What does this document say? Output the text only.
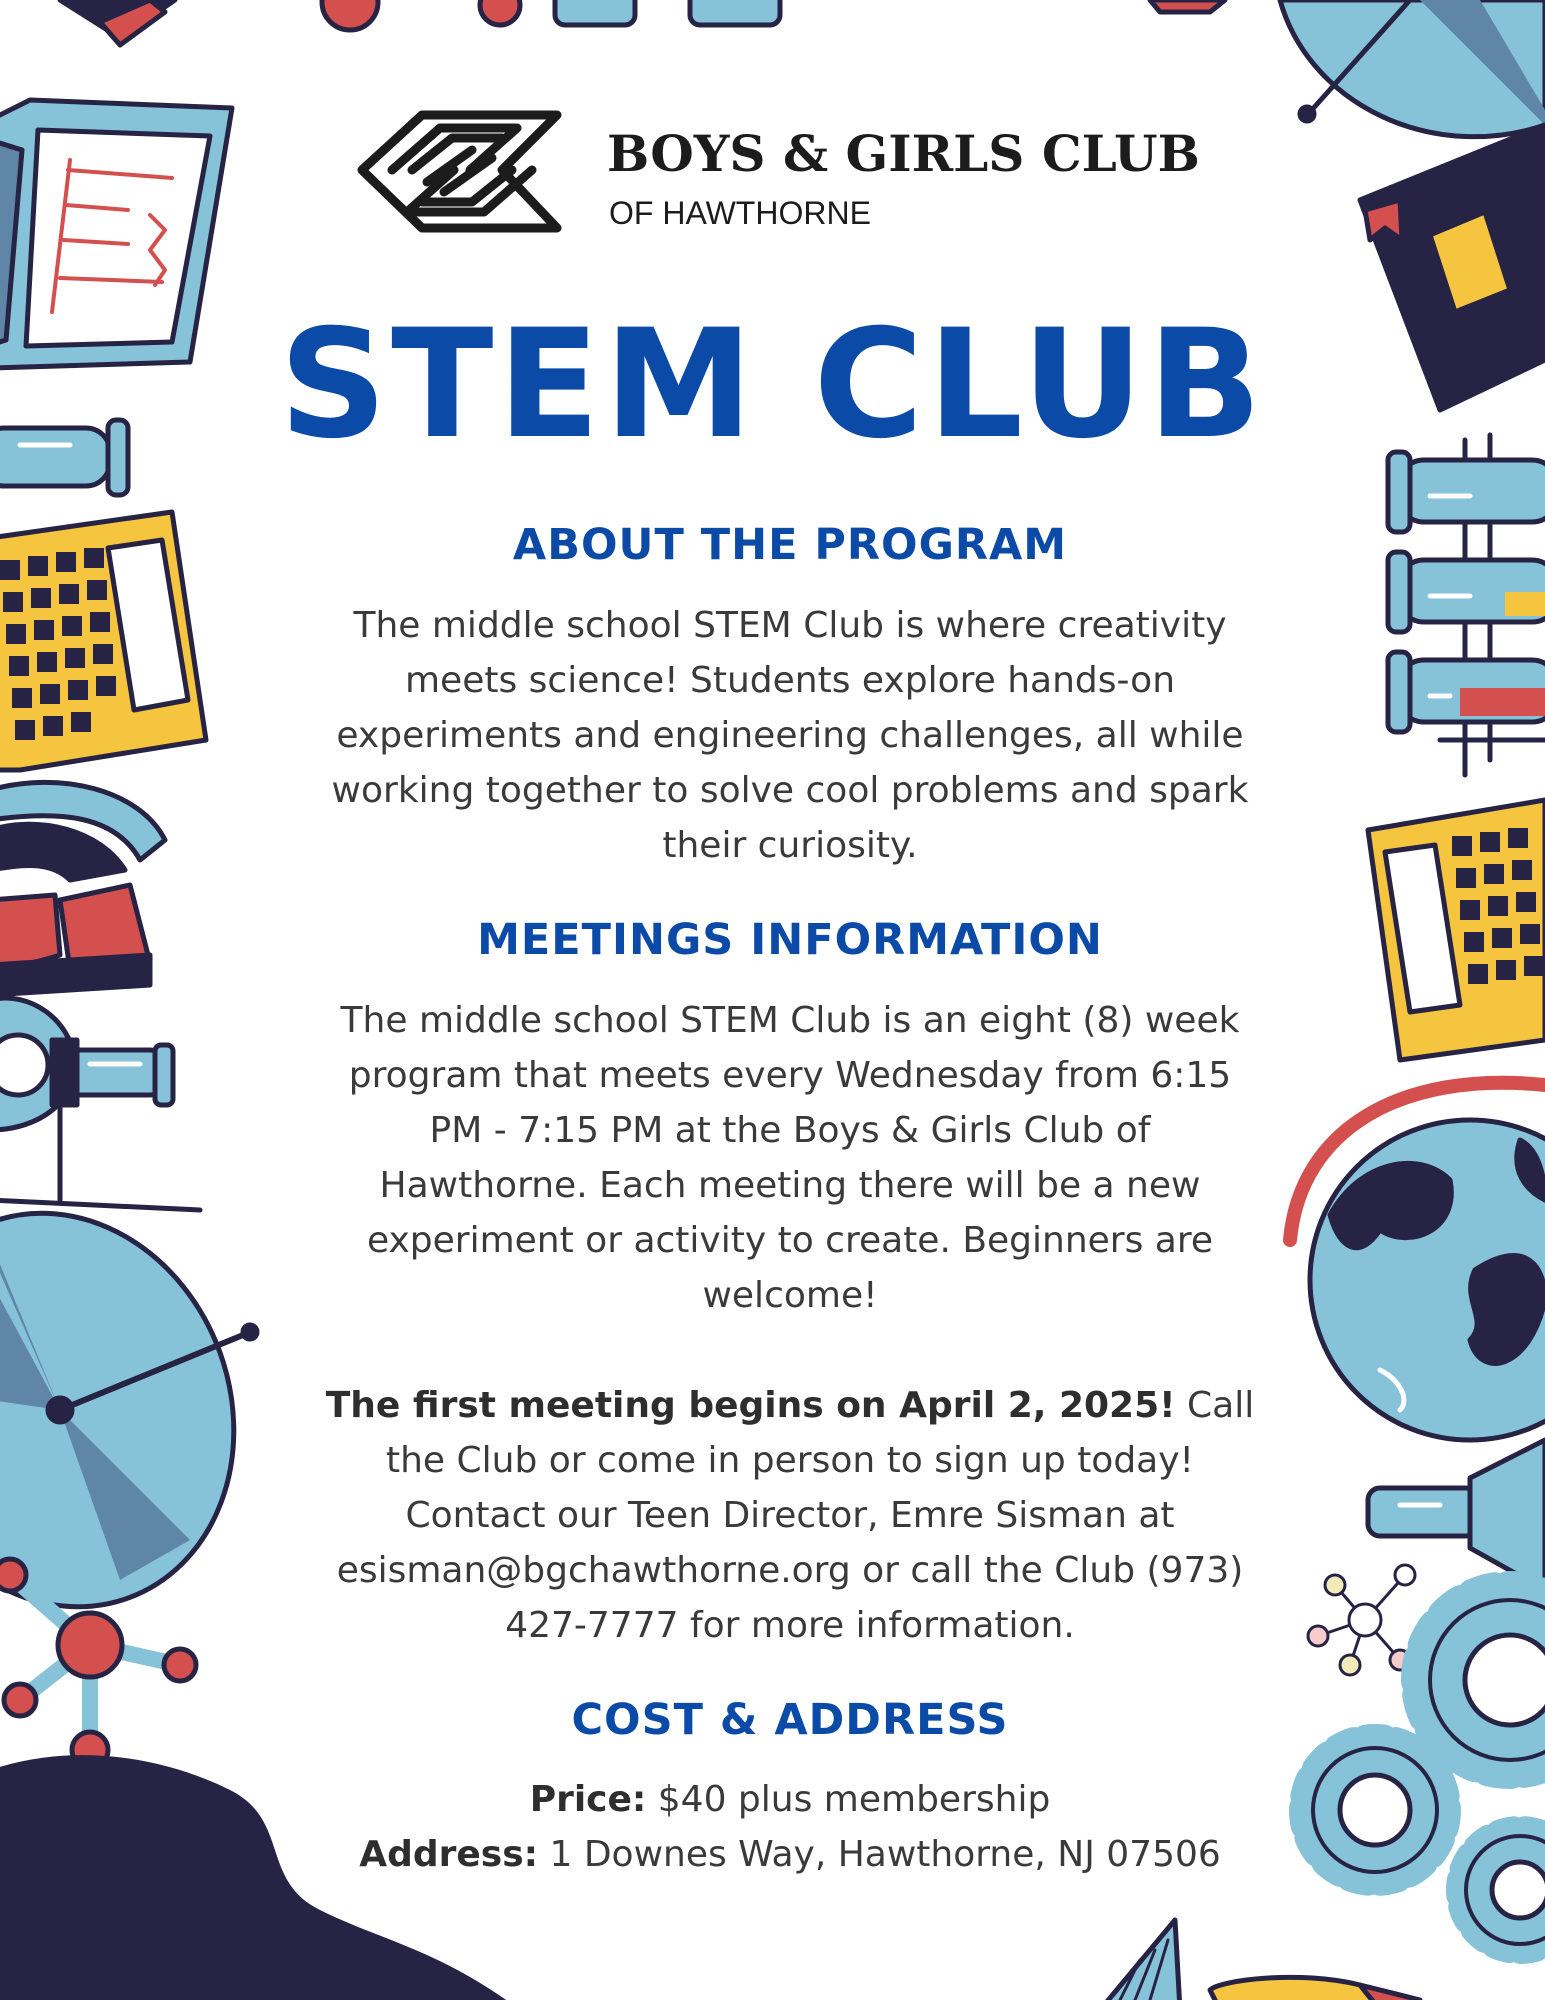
BOYS & GIRLS CLUB
OF HAWTHORNE
STEM CLUB
ABOUT THE PROGRAM
The middle school STEM Club is where creativity
meets science! Students explore hands-on
experiments and engineering challenges, all while
working together to solve cool problems and spark
their curiosity.
MEETINGS INFORMATION
The middle school STEM Club is an eight (8) week
program that meets every Wednesday from 6:15
PM - 7:15 PM at the Boys & Girls Club of
Hawthorne. Each meeting there will be a new
experiment or activity to create. Beginners are
welcome!
The first meeting begins on April 2, 2025! Call
the Club or come in person to sign up today!
Contact our Teen Director, Emre Sisman at
esisman@bgchawthorne.org or call the Club (973)
427-7777 for more information.
COST & ADDRESS
Price: $40 plus membership
Address: 1 Downes Way, Hawthorne, NJ 07506
